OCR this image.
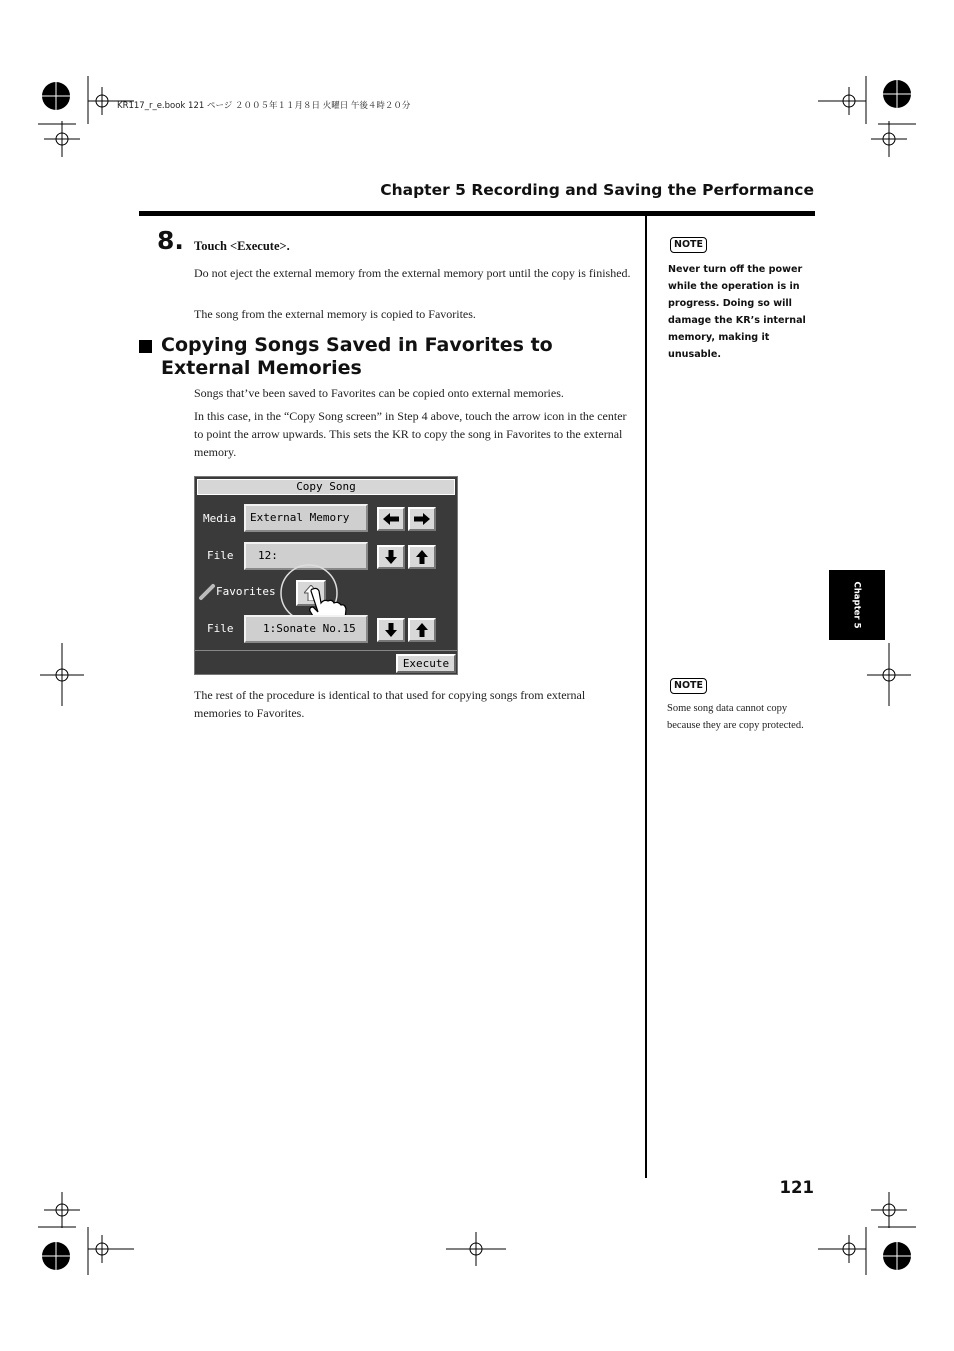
KR117_r_e.book 121 ページ ２００５年１１月８日 火曜日 午後４時２０分
Chapter 5 Recording and Saving the Performance
8. Touch <Execute>.
Do not eject the external memory from the external memory port until the copy is finished.
The song from the external memory is copied to Favorites.
Copying Songs Saved in Favorites to External Memories
Songs that’ve been saved to Favorites can be copied onto external memories.
In this case, in the “Copy Song screen” in Step 4 above, touch the arrow icon in the center to point the arrow upwards. This sets the KR to copy the song in Favorites to the external memory.
Copy Song
Media	External Memory
File	12:
Favorites
File	1:Sonate No.15
Execute
The rest of the procedure is identical to that used for copying songs from external memories to Favorites.
NOTE
Never turn off the power while the operation is in progress. Doing so will damage the KR’s internal memory, making it unusable.
Chapter 5
NOTE
Some song data cannot copy because they are copy protected.
121
